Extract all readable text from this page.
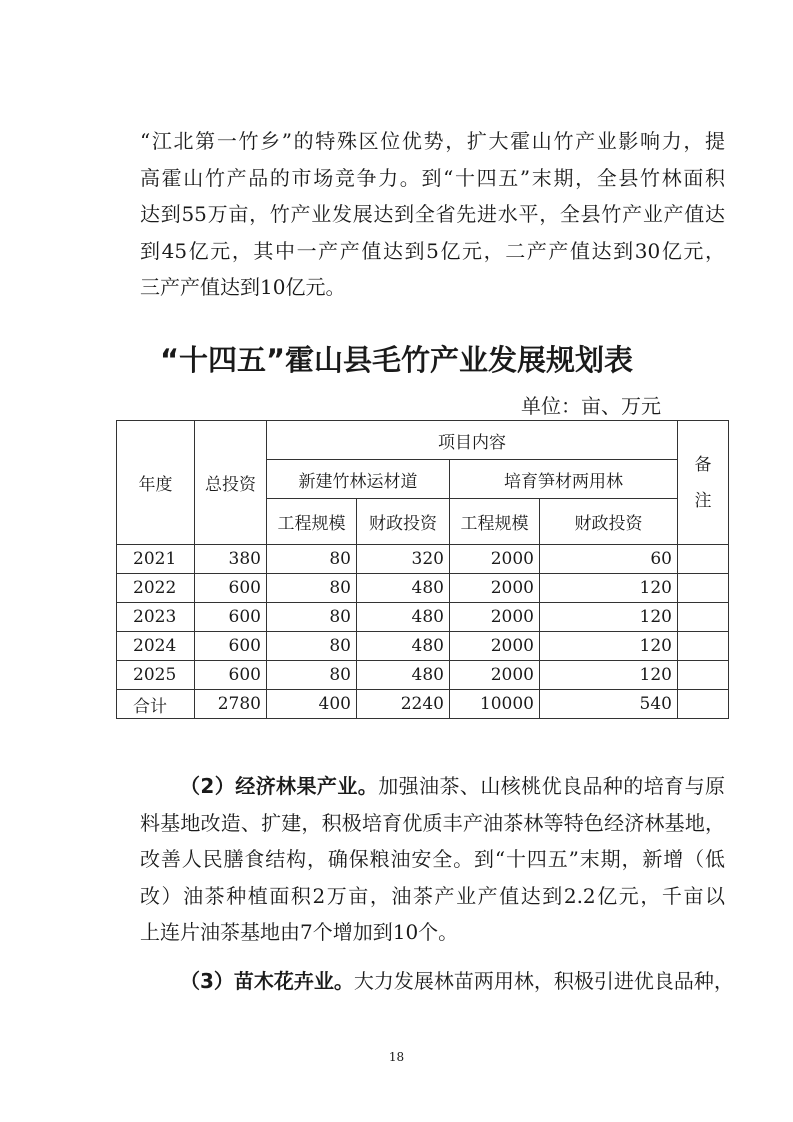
“江北第一竹乡”的特殊区位优势，扩大霍山竹产业影响力，提
高霍山竹产品的市场竞争力。到“十四五”末期，全县竹林面积
达到55万亩，竹产业发展达到全省先进水平，全县竹产业产值达
到45亿元，其中一产产值达到5亿元，二产产值达到30亿元，
三产产值达到10亿元。

“十四五”霍山县毛竹产业发展规划表

单位：亩、万元

年度	总投资	项目内容				备注
		新建竹林运材道		培育笋材两用林		
		工程规模	财政投资	工程规模	财政投资	
2021	380	80	320	2000	60	
2022	600	80	480	2000	120	
2023	600	80	480	2000	120	
2024	600	80	480	2000	120	
2025	600	80	480	2000	120	
合计	2780	400	2240	10000	540	

（2）经济林果产业。加强油茶、山核桃优良品种的培育与原
料基地改造、扩建，积极培育优质丰产油茶林等特色经济林基地，
改善人民膳食结构，确保粮油安全。到“十四五”末期，新增（低
改）油茶种植面积2万亩，油茶产业产值达到2.2亿元，千亩以
上连片油茶基地由7个增加到10个。

（3）苗木花卉业。大力发展林苗两用林，积极引进优良品种，

18
